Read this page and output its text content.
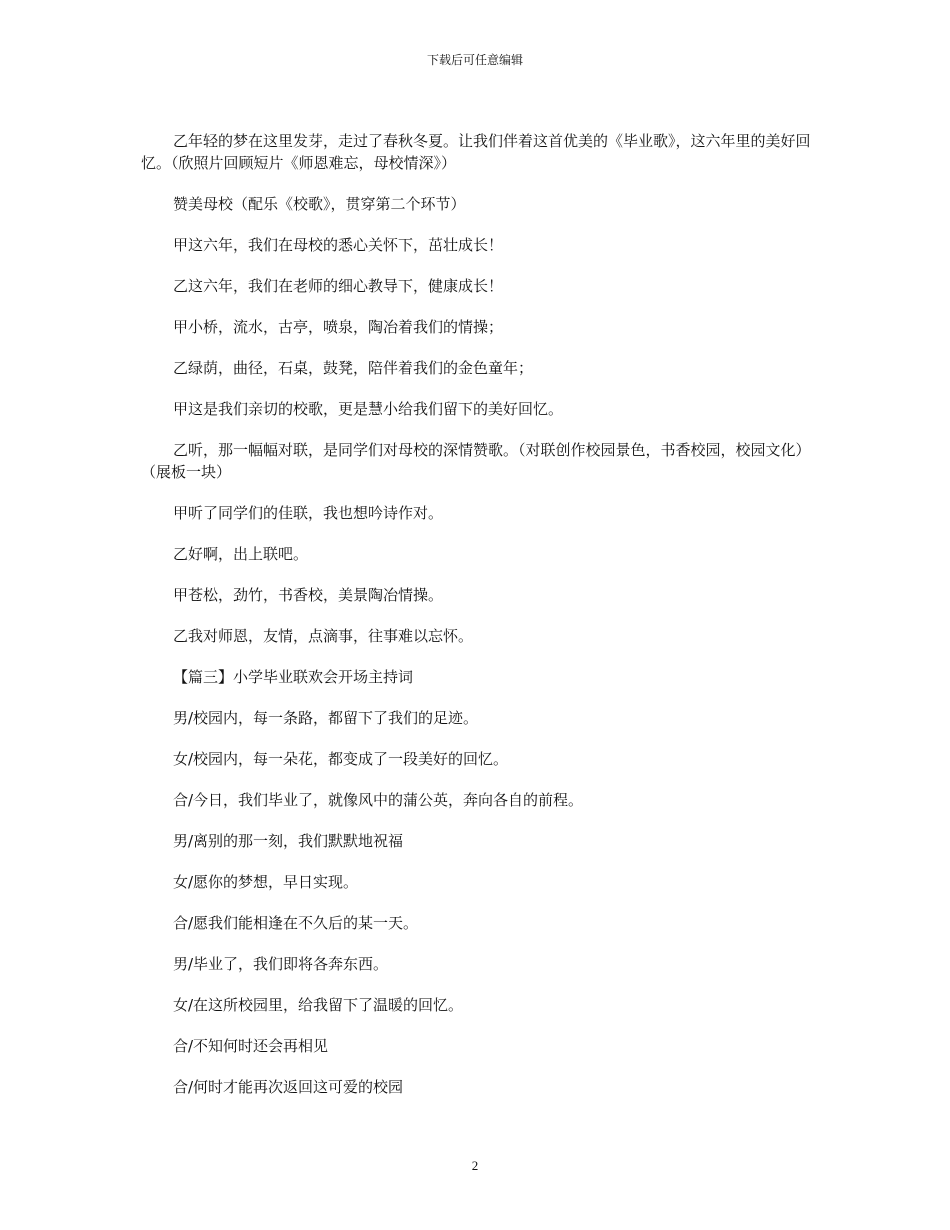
下载后可任意编辑

乙年轻的梦在这里发芽，走过了春秋冬夏。让我们伴着这首优美的《毕业歌》，这六年里的美好回忆。（欣照片回顾短片《师恩难忘，母校情深》）

赞美母校（配乐《校歌》，贯穿第二个环节）

甲这六年，我们在母校的悉心关怀下，茁壮成长！

乙这六年，我们在老师的细心教导下，健康成长！

甲小桥，流水，古亭，喷泉，陶冶着我们的情操；

乙绿荫，曲径，石桌，鼓凳，陪伴着我们的金色童年；

甲这是我们亲切的校歌，更是慧小给我们留下的美好回忆。

乙听，那一幅幅对联，是同学们对母校的深情赞歌。（对联创作校园景色，书香校园，校园文化）（展板一块）

甲听了同学们的佳联，我也想吟诗作对。

乙好啊，出上联吧。

甲苍松，劲竹，书香校，美景陶冶情操。

乙我对师恩，友情，点滴事，往事难以忘怀。

【篇三】小学毕业联欢会开场主持词

男/校园内，每一条路，都留下了我们的足迹。

女/校园内，每一朵花，都变成了一段美好的回忆。

合/今日，我们毕业了，就像风中的蒲公英，奔向各自的前程。

男/离别的那一刻，我们默默地祝福

女/愿你的梦想，早日实现。

合/愿我们能相逢在不久后的某一天。

男/毕业了，我们即将各奔东西。

女/在这所校园里，给我留下了温暖的回忆。

合/不知何时还会再相见

合/何时才能再次返回这可爱的校园

2
